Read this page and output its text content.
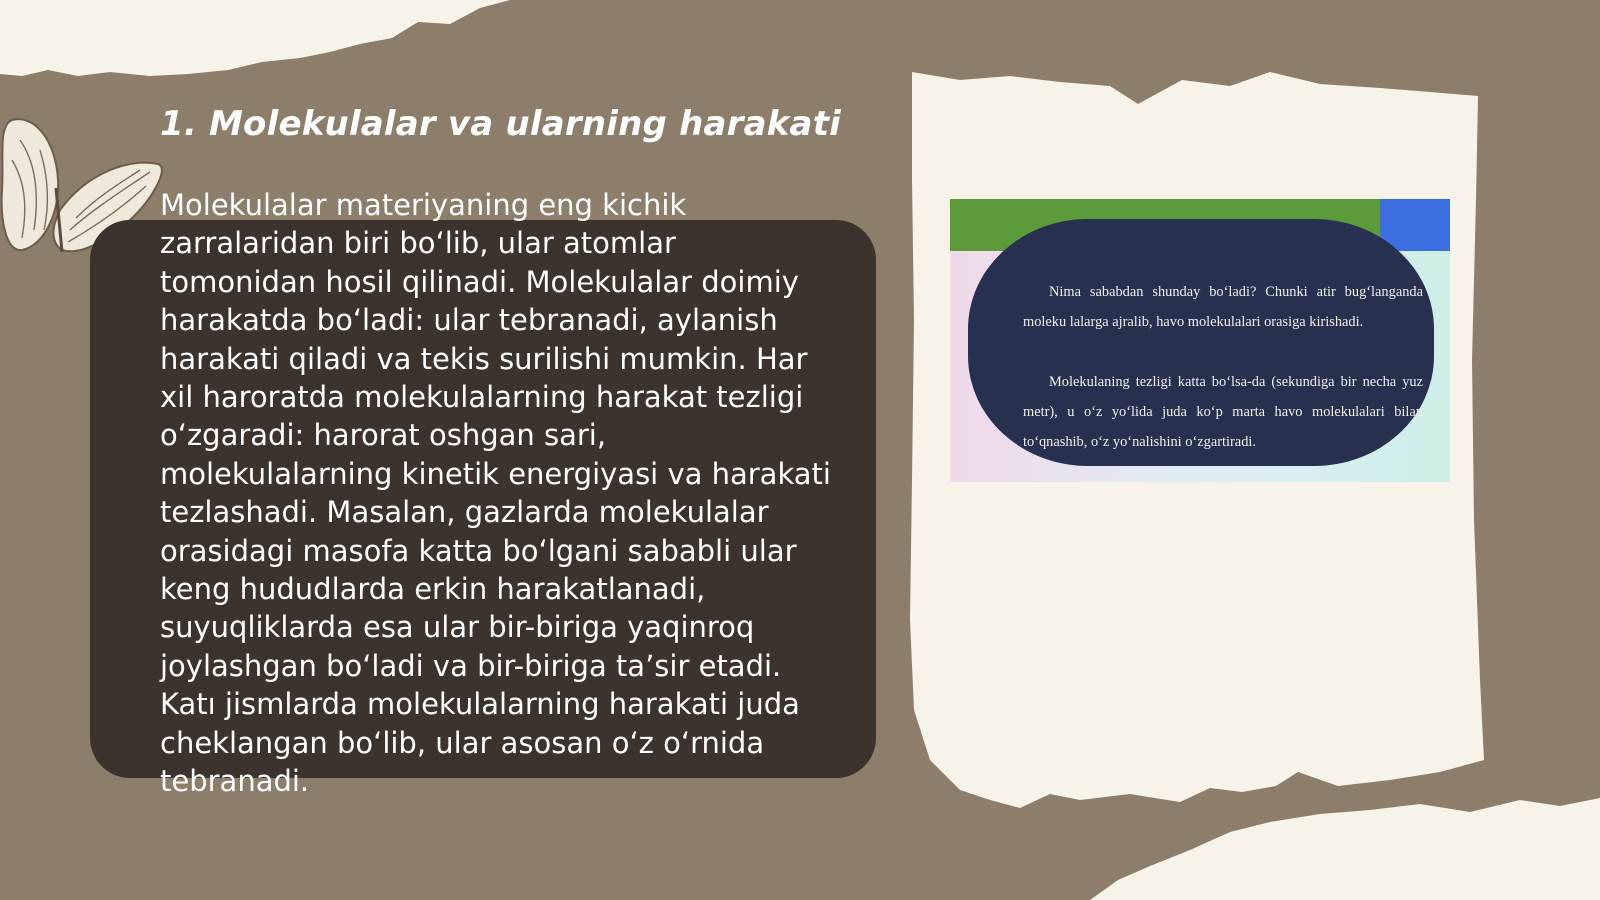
1. Molekulalar va ularning harakati

Molekulalar materiyaning eng kichik zarralaridan biri bo‘lib, ular atomlar tomonidan hosil qilinadi. Molekulalar doimiy harakatda bo‘ladi: ular tebranadi, aylanish harakati qiladi va tekis surilishi mumkin. Har xil haroratda molekulalarning harakat tezligi o‘zgaradi: harorat oshgan sari, molekulalarning kinetik energiyasi va harakati tezlashadi. Masalan, gazlarda molekulalar orasidagi masofa katta bo‘lgani sababli ular keng hududlarda erkin harakatlanadi, suyuqliklarda esa ular bir-biriga yaqinroq joylashgan bo‘ladi va bir-biriga ta’sir etadi. Katı jismlarda molekulalarning harakati juda cheklangan bo‘lib, ular asosan o‘z o‘rnida tebranadi.

Nima sababdan shunday bo‘ladi? Chunki atir bug‘langanda moleku lalarga ajralib, havo molekulalari orasiga kirishadi.

Molekulaning tezligi katta bo‘lsa-da (sekundiga bir necha yuz metr), u o‘z yo‘lida juda ko‘p marta havo molekulalari bilan to‘qnashib, o‘z yo‘nalishini o‘zgartiradi.
